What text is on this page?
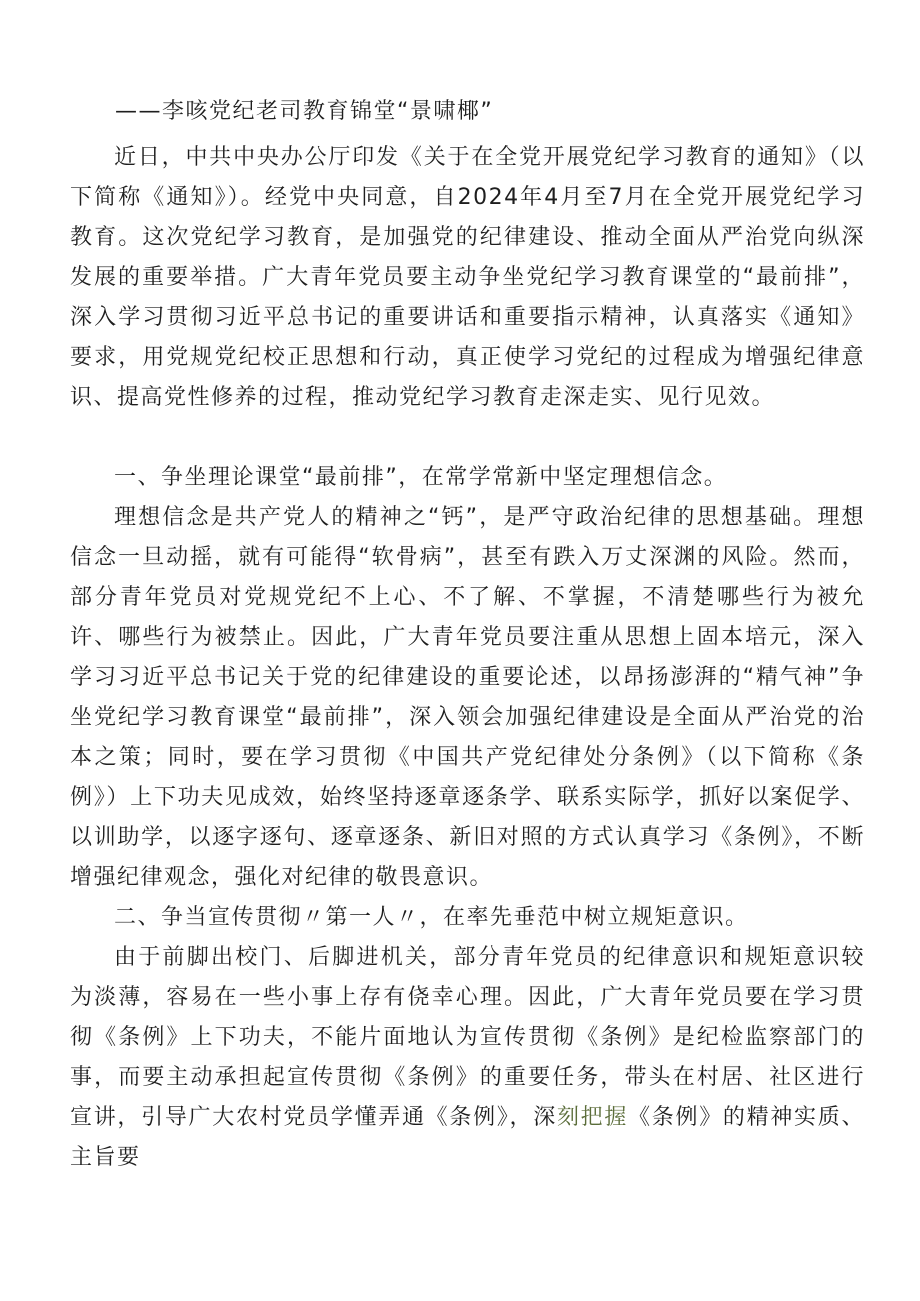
——李咳党纪老司教育锦堂“景啸椰”

近日，中共中央办公厅印发《关于在全党开展党纪学习教育的通知》（以下简称《通知》）。经党中央同意，自2024年4月至7月在全党开展党纪学习教育。这次党纪学习教育，是加强党的纪律建设、推动全面从严治党向纵深发展的重要举措。广大青年党员要主动争坐党纪学习教育课堂的“最前排”，深入学习贯彻习近平总书记的重要讲话和重要指示精神，认真落实《通知》要求，用党规党纪校正思想和行动，真正使学习党纪的过程成为增强纪律意识、提高党性修养的过程，推动党纪学习教育走深走实、见行见效。

一、争坐理论课堂“最前排”，在常学常新中坚定理想信念。

理想信念是共产党人的精神之“钙”，是严守政治纪律的思想基础。理想信念一旦动摇，就有可能得“软骨病”，甚至有跌入万丈深渊的风险。然而，部分青年党员对党规党纪不上心、不了解、不掌握，不清楚哪些行为被允许、哪些行为被禁止。因此，广大青年党员要注重从思想上固本培元，深入学习习近平总书记关于党的纪律建设的重要论述，以昂扬澎湃的“精气神”争坐党纪学习教育课堂“最前排”，深入领会加强纪律建设是全面从严治党的治本之策；同时，要在学习贯彻《中国共产党纪律处分条例》（以下简称《条例》）上下功夫见成效，始终坚持逐章逐条学、联系实际学，抓好以案促学、以训助学，以逐字逐句、逐章逐条、新旧对照的方式认真学习《条例》，不断增强纪律观念，强化对纪律的敬畏意识。

二、争当宣传贯彻〃第一人〃，在率先垂范中树立规矩意识。

由于前脚出校门、后脚进机关，部分青年党员的纪律意识和规矩意识较为淡薄，容易在一些小事上存有侥幸心理。因此，广大青年党员要在学习贯彻《条例》上下功夫，不能片面地认为宣传贯彻《条例》是纪检监察部门的事，而要主动承担起宣传贯彻《条例》的重要任务，带头在村居、社区进行宣讲，引导广大农村党员学懂弄通《条例》，深刻把握《条例》的精神实质、主旨要
